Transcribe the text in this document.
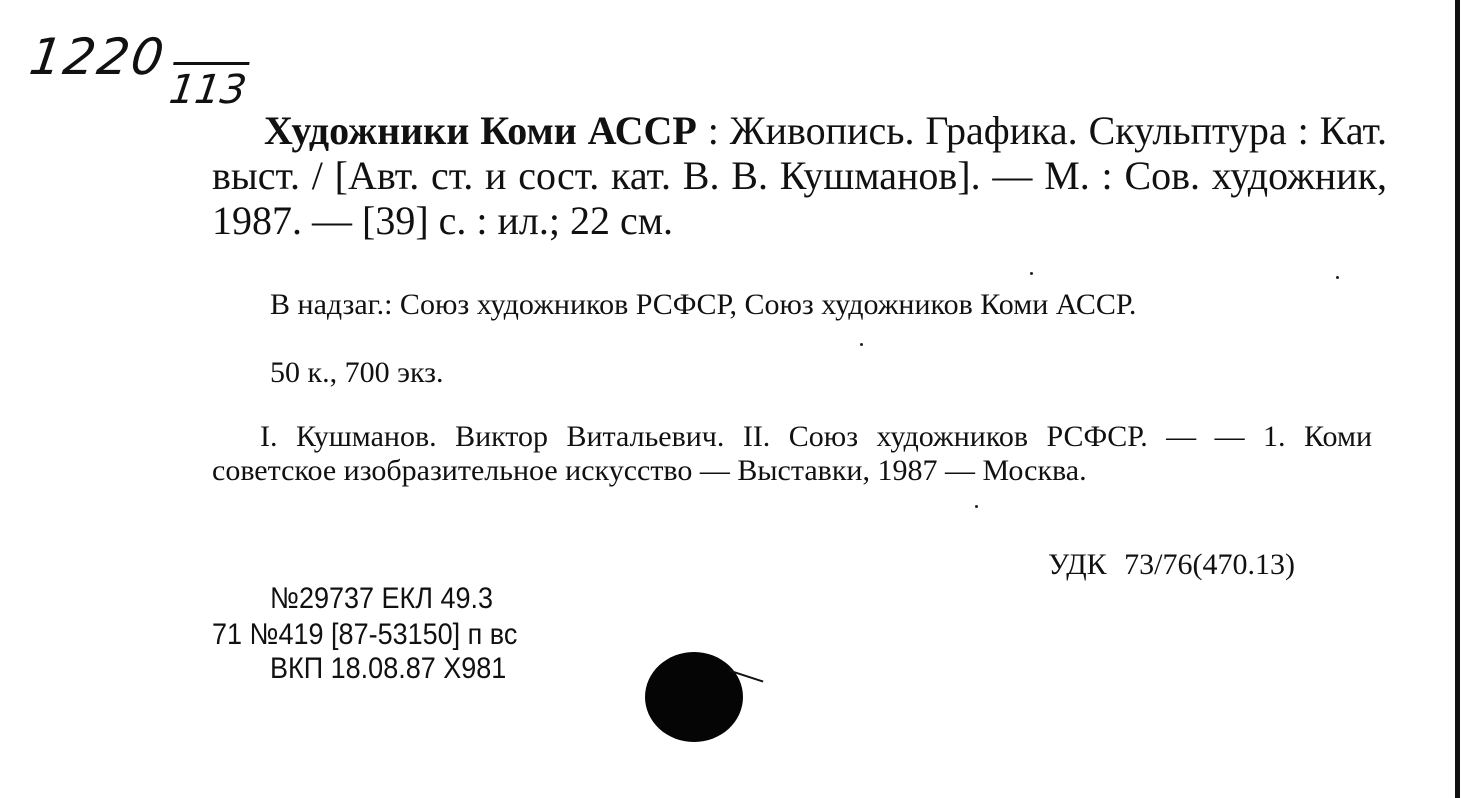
1220
113
Художники Коми АССР : Живопись. Графика. Скульптура : Кат. выст. / [Авт. ст. и сост. кат. В. В. Кушманов]. — М. : Сов. художник, 1987. — [39] с. : ил.; 22 см.
В надзаг.: Союз художников РСФСР, Союз художников Коми АССР.
50 к., 700 экз.
I. Кушманов. Виктор Витальевич. II. Союз художников РСФСР. — — 1. Коми советское изобразительное искусство — Выставки, 1987 — Москва.
УДК 73/76(470.13)
№29737 ЕКЛ 49.3
71 №419 [87-53150] п вс
ВКП 18.08.87 Х981
